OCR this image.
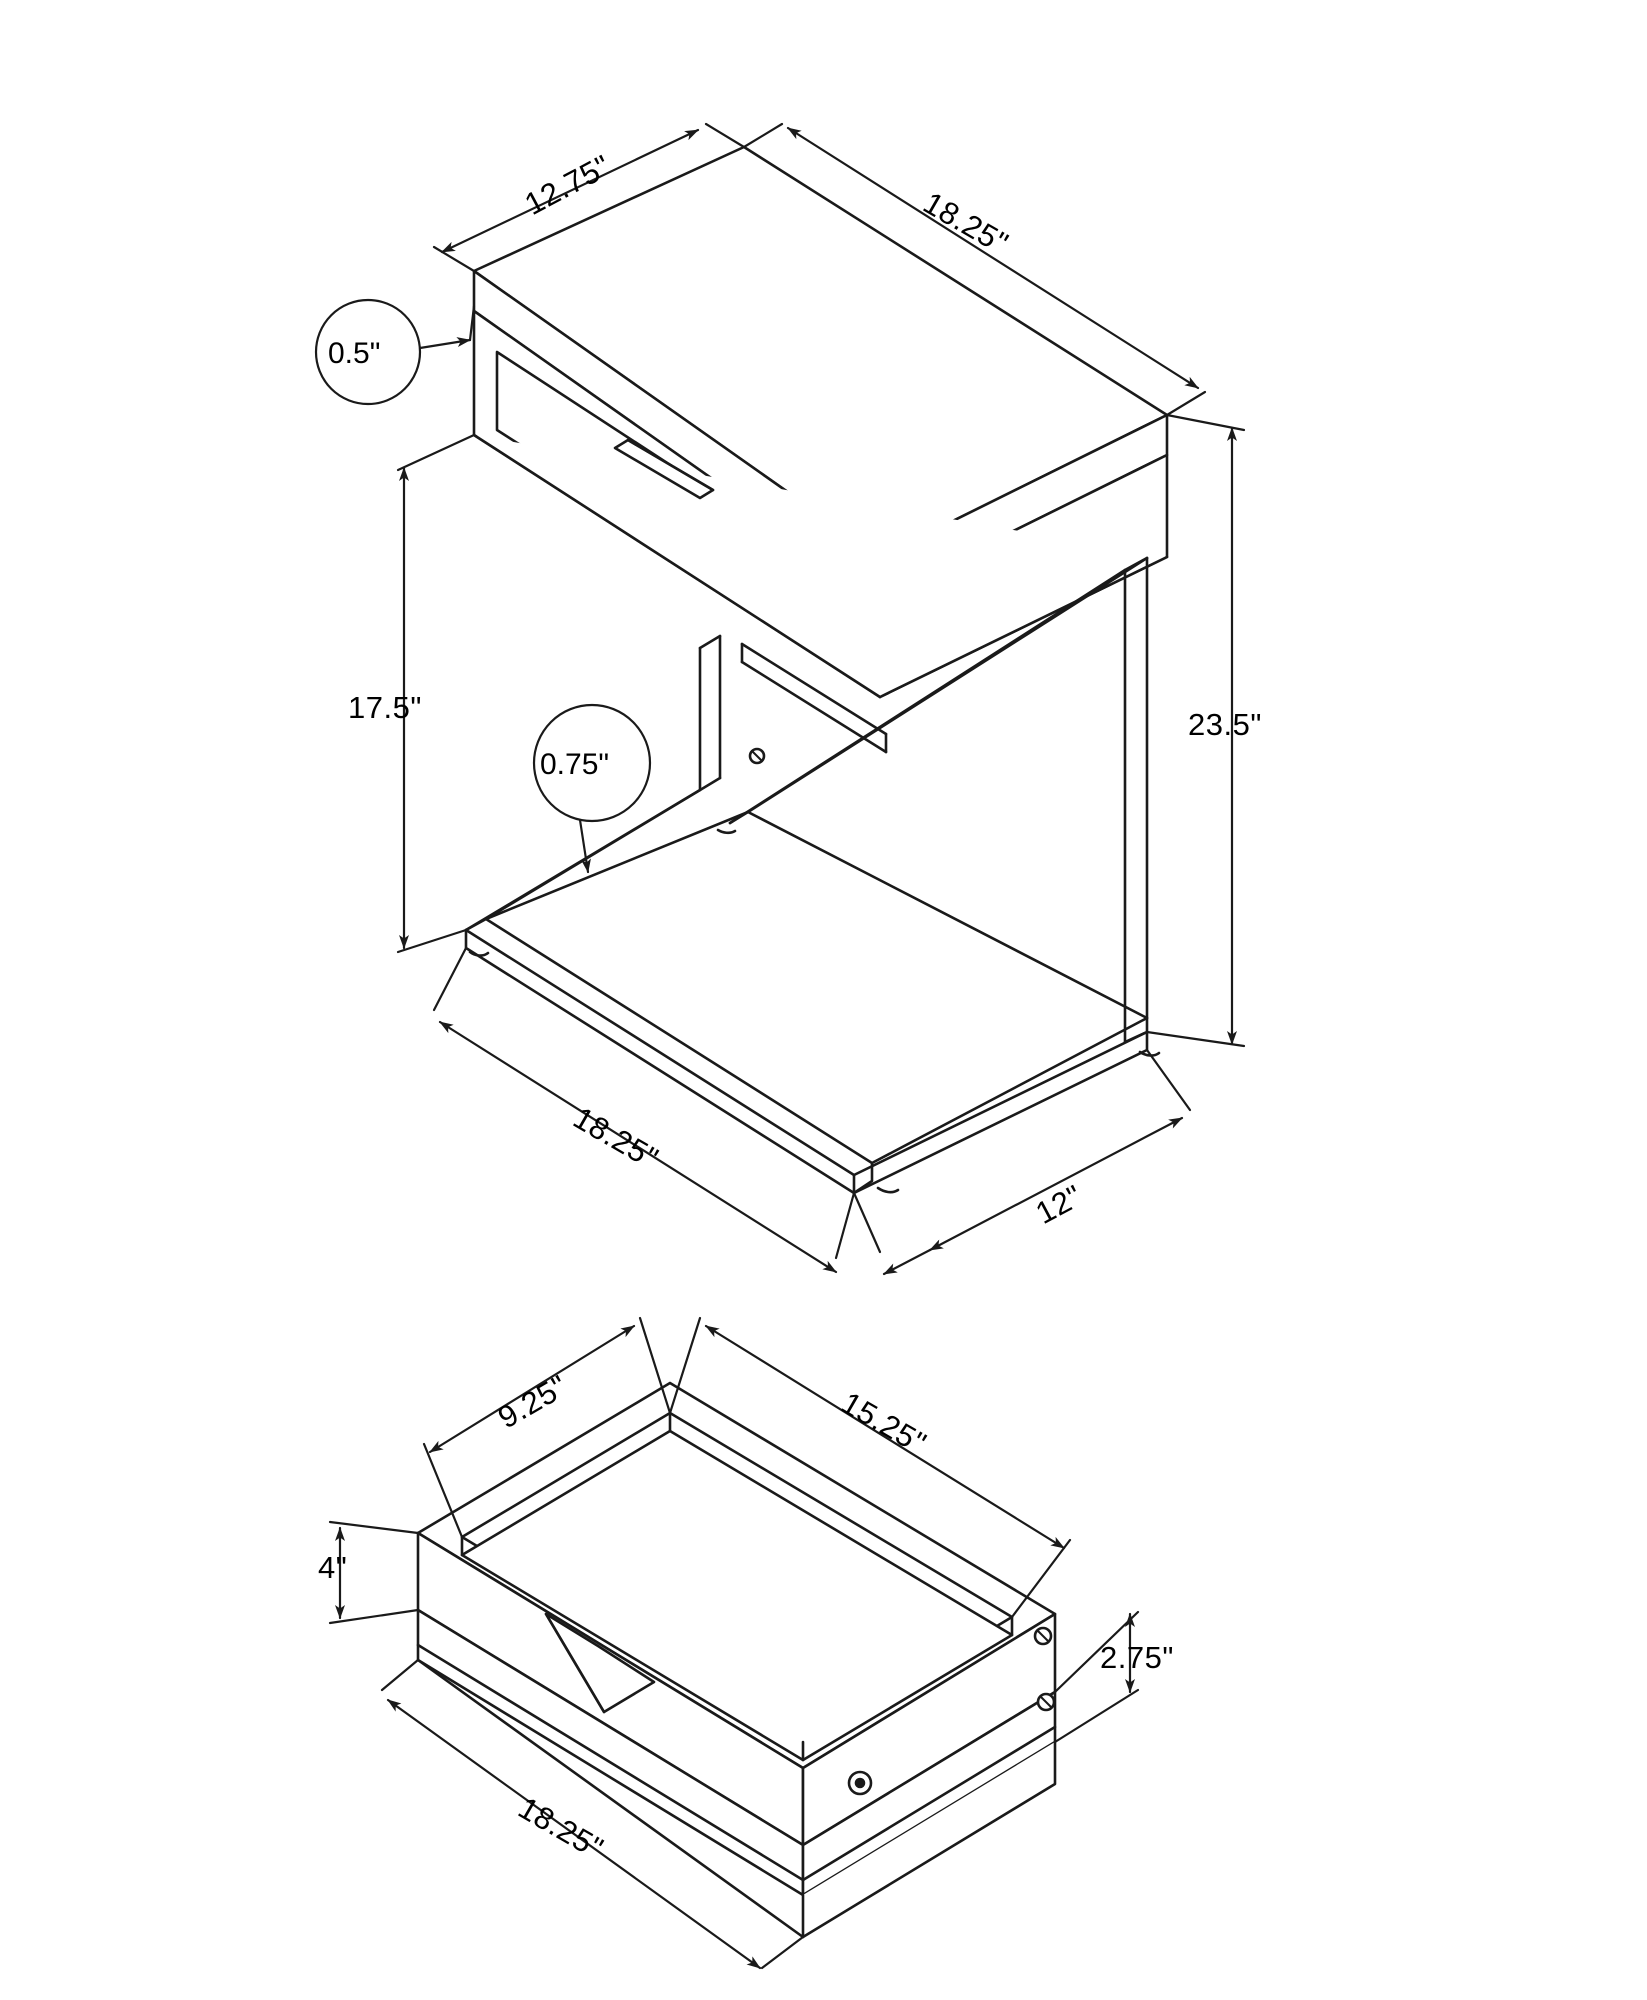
12.75"
18.25"
0.5"
23.5"
17.5"
0.75"
18.25"
12"
9.25"	15.25"
4"
2.75"
18.25"
